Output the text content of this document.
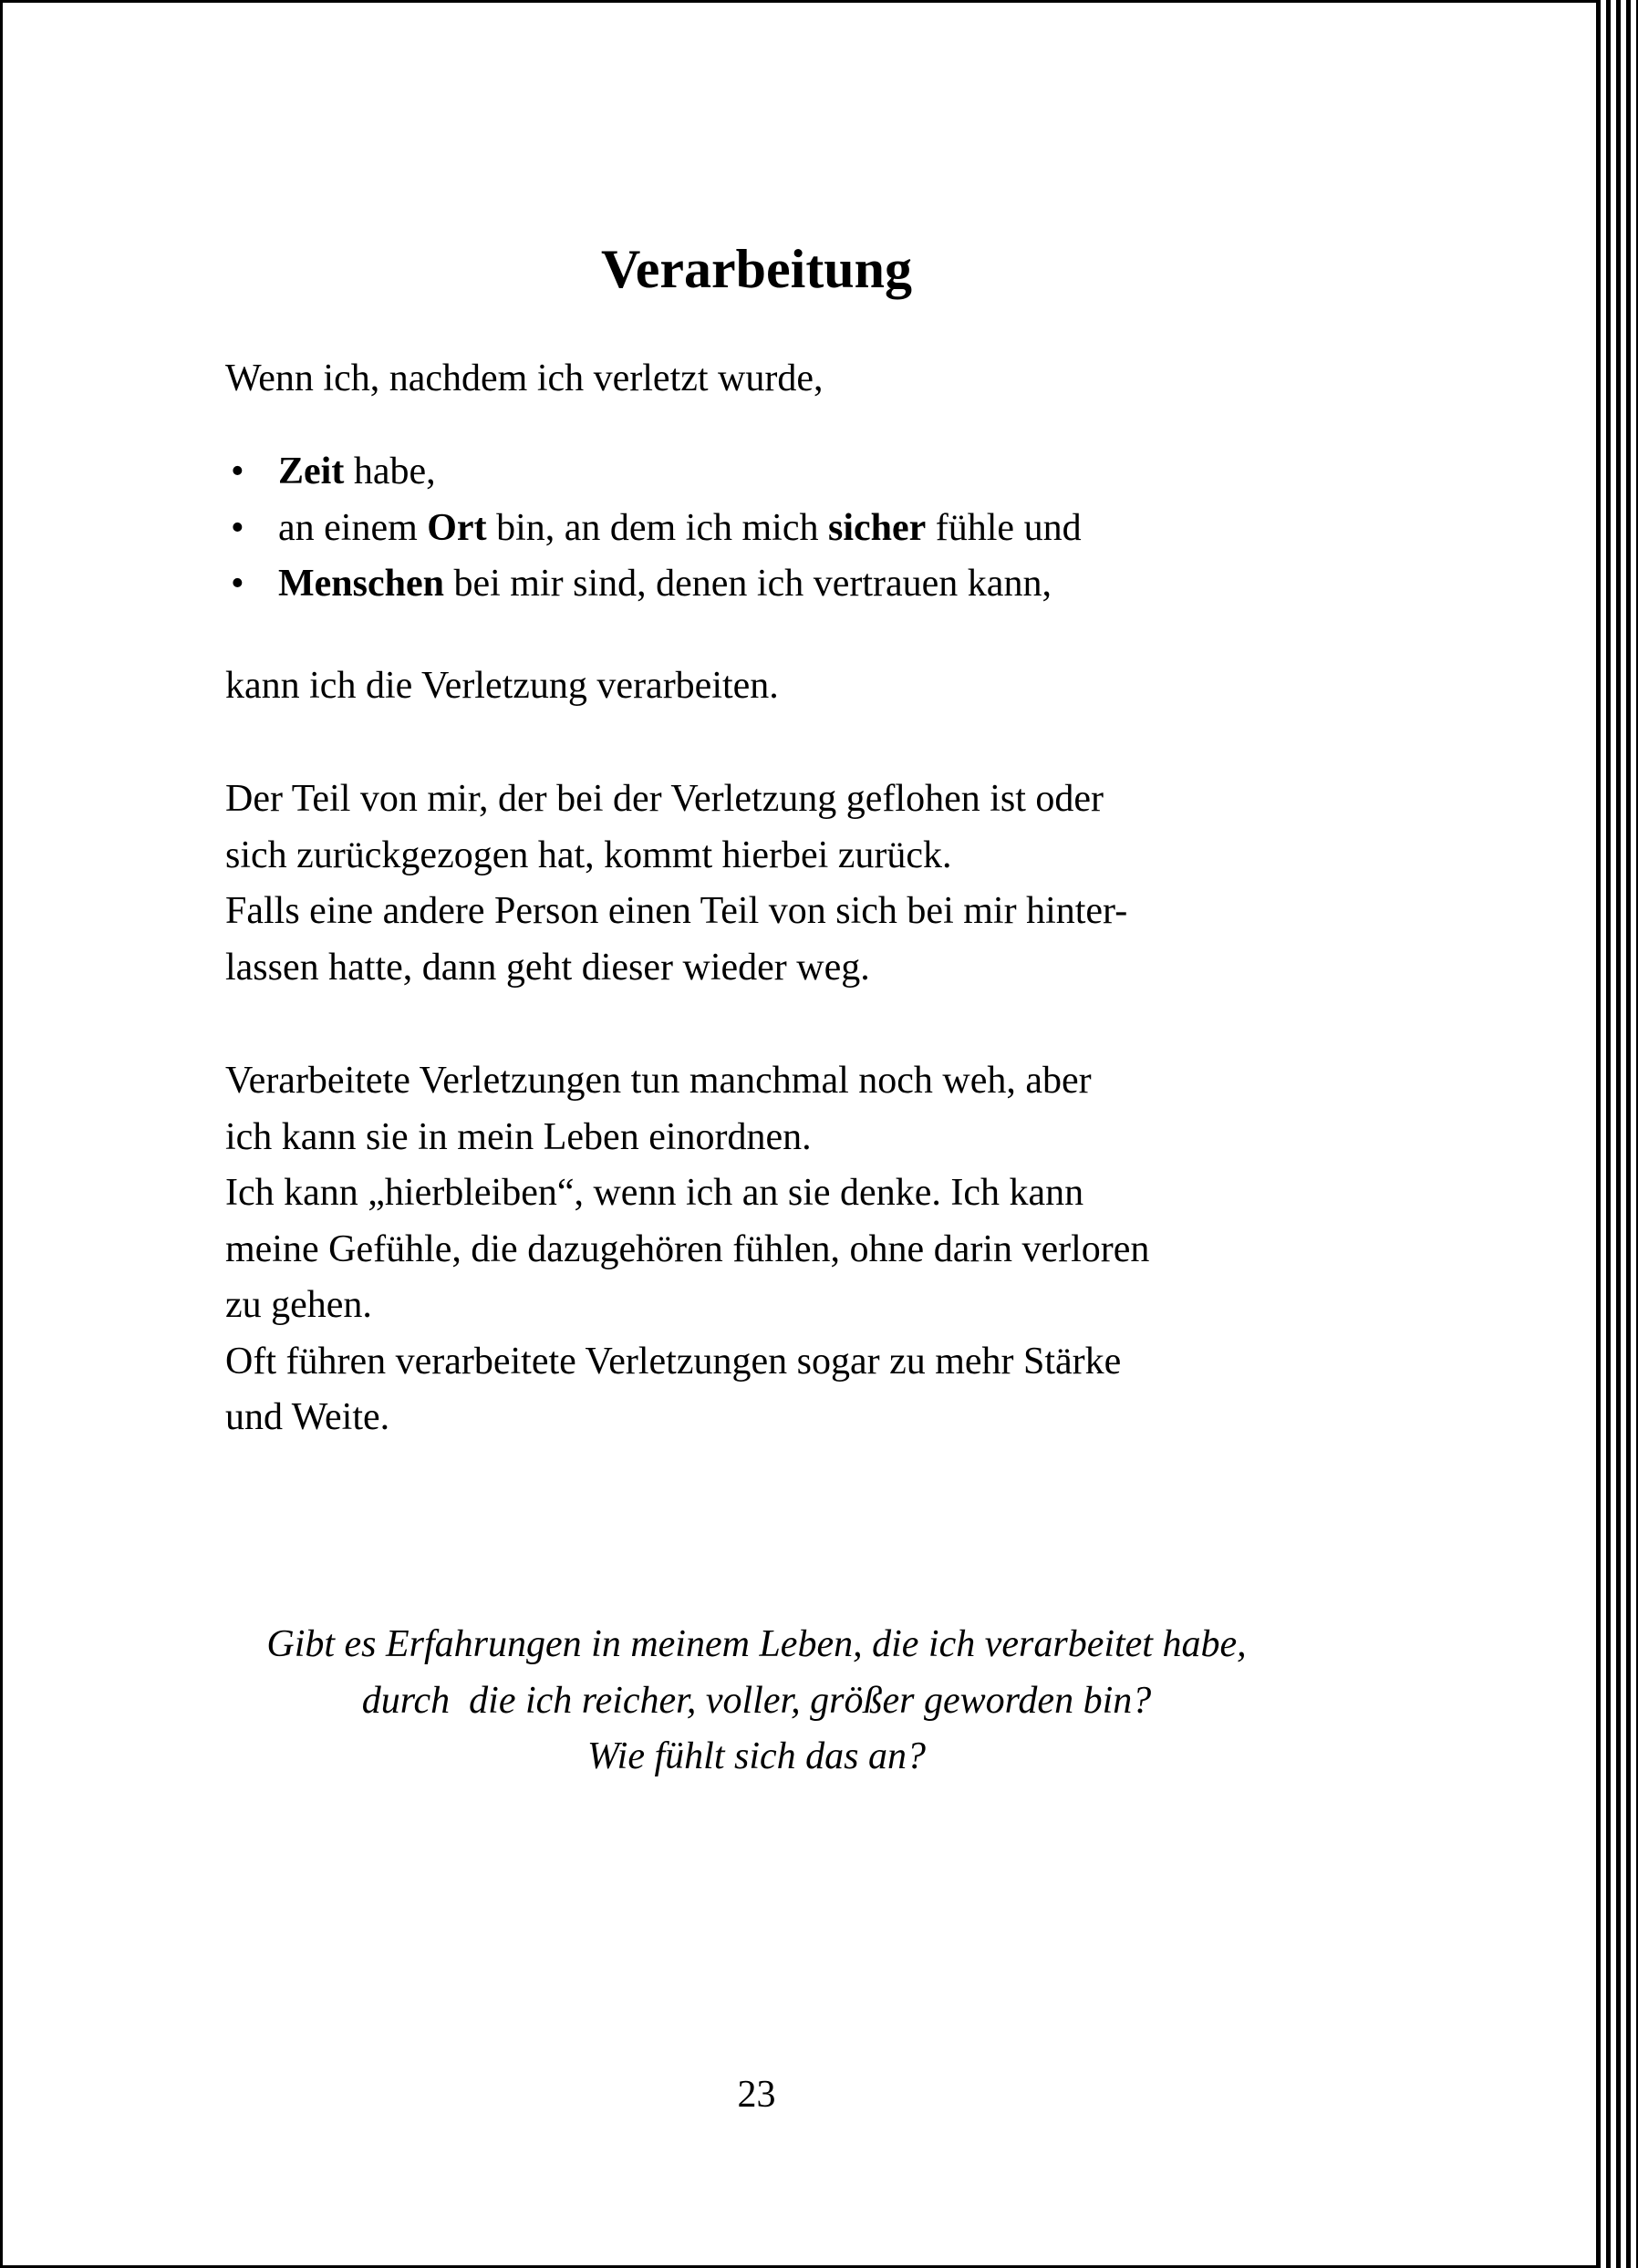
Verarbeitung

Wenn ich, nachdem ich verletzt wurde,

• Zeit habe,
• an einem Ort bin, an dem ich mich sicher fühle und
• Menschen bei mir sind, denen ich vertrauen kann,

kann ich die Verletzung verarbeiten.

Der Teil von mir, der bei der Verletzung geflohen ist oder
sich zurückgezogen hat, kommt hierbei zurück.
Falls eine andere Person einen Teil von sich bei mir hinter-
lassen hatte, dann geht dieser wieder weg.
Verarbeitete Verletzungen tun manchmal noch weh, aber
ich kann sie in mein Leben einordnen.
Ich kann „hierbleiben“, wenn ich an sie denke. Ich kann
meine Gefühle, die dazugehören fühlen, ohne darin verloren
zu gehen.
Oft führen verarbeitete Verletzungen sogar zu mehr Stärke
und Weite.
Gibt es Erfahrungen in meinem Leben, die ich verarbeitet habe,
durch  die ich reicher, voller, größer geworden bin?
Wie fühlt sich das an?
23
